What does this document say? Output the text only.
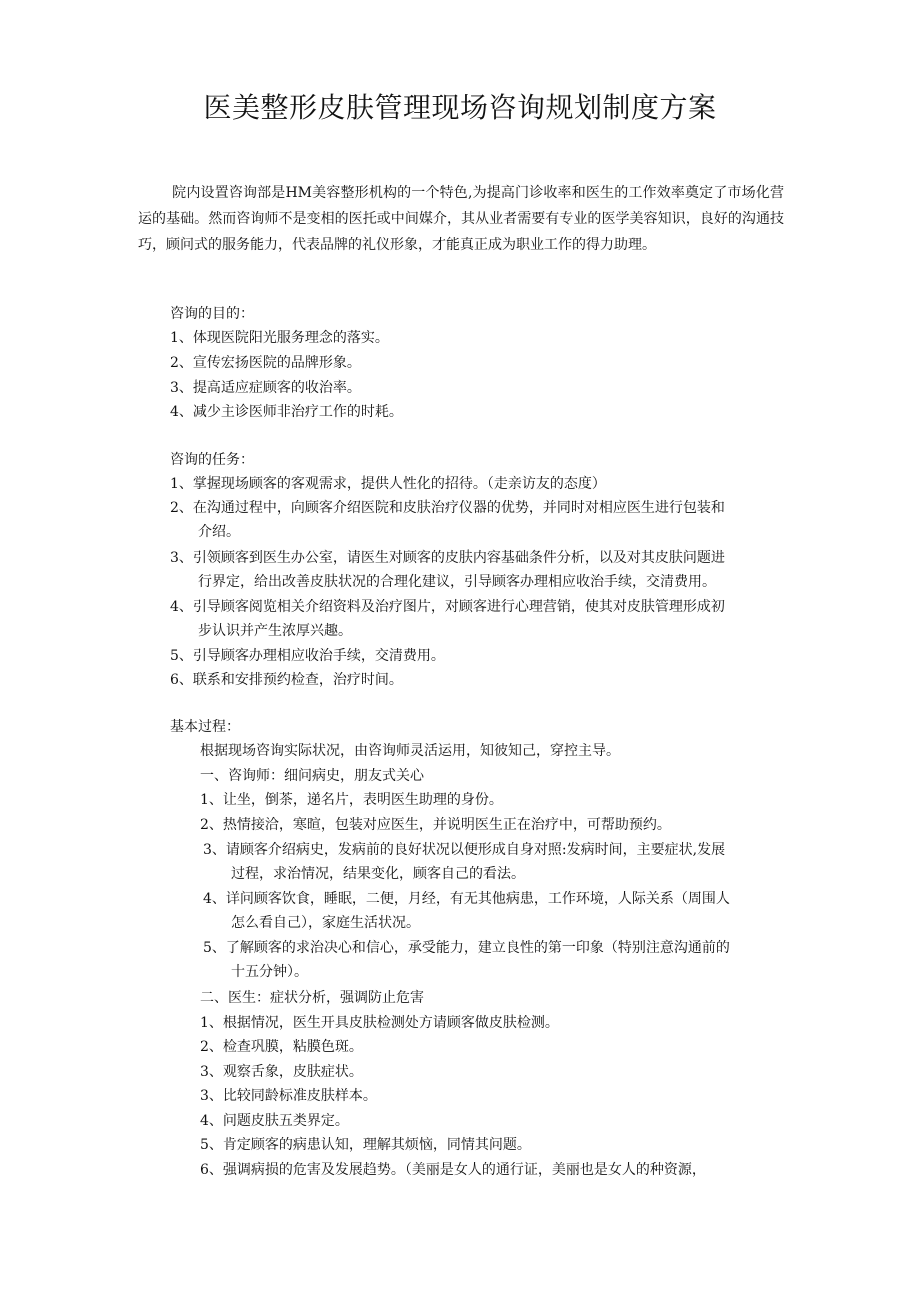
医美整形皮肤管理现场咨询规划制度方案
院内设置咨询部是HM美容整形机构的一个特色,为提高门诊收率和医生的工作效率奠定了市场化营运的基础。然而咨询师不是变相的医托或中间媒介，其从业者需要有专业的医学美容知识，良好的沟通技巧，顾问式的服务能力，代表品牌的礼仪形象，才能真正成为职业工作的得力助理。
咨询的目的：
1、体现医院阳光服务理念的落实。
2、宣传宏扬医院的品牌形象。
3、提高适应症顾客的收治率。
4、减少主诊医师非治疗工作的时耗。
咨询的任务：
1、掌握现场顾客的客观需求，提供人性化的招待。（走亲访友的态度）
2、在沟通过程中，向顾客介绍医院和皮肤治疗仪器的优势，并同时对相应医生进行包装和
介绍。
3、引领顾客到医生办公室，请医生对顾客的皮肤内容基础条件分析，以及对其皮肤问题进
行界定，给出改善皮肤状况的合理化建议，引导顾客办理相应收治手续，交清费用。
4、引导顾客阅览相关介绍资料及治疗图片，对顾客进行心理营销，使其对皮肤管理形成初
步认识并产生浓厚兴趣。
5、引导顾客办理相应收治手续，交清费用。
6、联系和安排预约检查，治疗时间。
基本过程：
根据现场咨询实际状况，由咨询师灵活运用，知彼知己，穿控主导。
一、咨询师：细问病史，朋友式关心
1、让坐，倒茶，递名片，表明医生助理的身份。
2、热情接洽，寒暄，包装对应医生，并说明医生正在治疗中，可帮助预约。
3、请顾客介绍病史，发病前的良好状况以便形成自身对照:发病时间，主要症状,发展
过程，求治情况，结果变化，顾客自己的看法。
4、详问顾客饮食，睡眠，二便，月经，有无其他病患，工作环境，人际关系（周围人
怎么看自己），家庭生活状况。
5、了解顾客的求治决心和信心，承受能力，建立良性的第一印象（特别注意沟通前的
十五分钟）。
二、医生：症状分析，强调防止危害
1、根据情况，医生开具皮肤检测处方请顾客做皮肤检测。
2、检查巩膜，粘膜色斑。
3、观察舌象，皮肤症状。
3、比较同龄标准皮肤样本。
4、问题皮肤五类界定。
5、肯定顾客的病患认知，理解其烦恼，同情其问题。
6、强调病损的危害及发展趋势。（美丽是女人的通行证，美丽也是女人的种资源，
